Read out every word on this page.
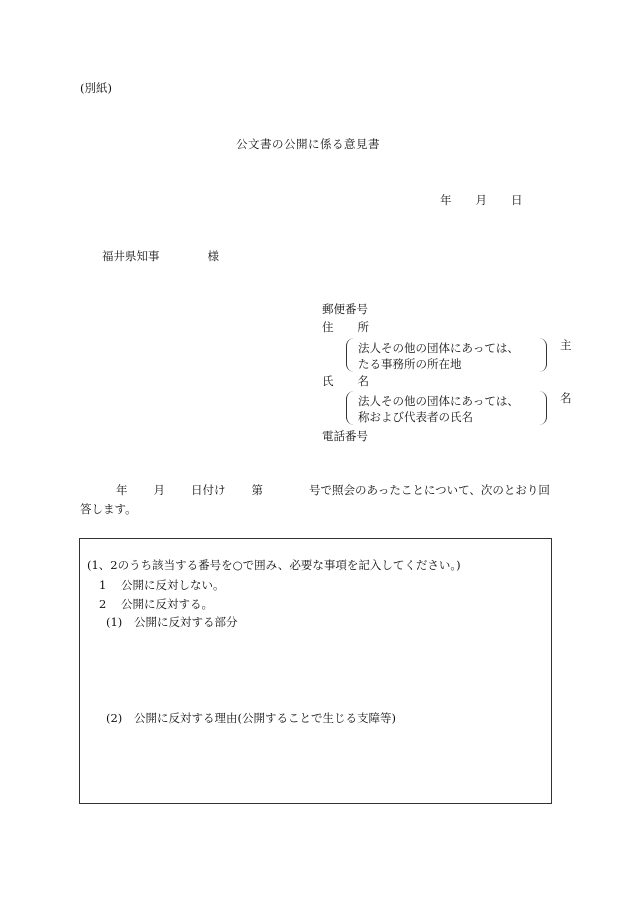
(別紙)
公文書の公開に係る意見書
年 月 日
福井県知事	様
郵便番号
住 所
法人その他の団体にあっては、
たる事務所の所在地
主
氏 名
法人その他の団体にあっては、
称および代表者の氏名
名
電話番号
年 月 日付け 第	号で照会のあったことについて、次のとおり回
答します。
(1、2のうち該当する番号を○で囲み、必要な事項を記入してください。)
1 公開に反対しない。
2 公開に反対する。
(1) 公開に反対する部分
(2) 公開に反対する理由(公開することで生じる支障等)
